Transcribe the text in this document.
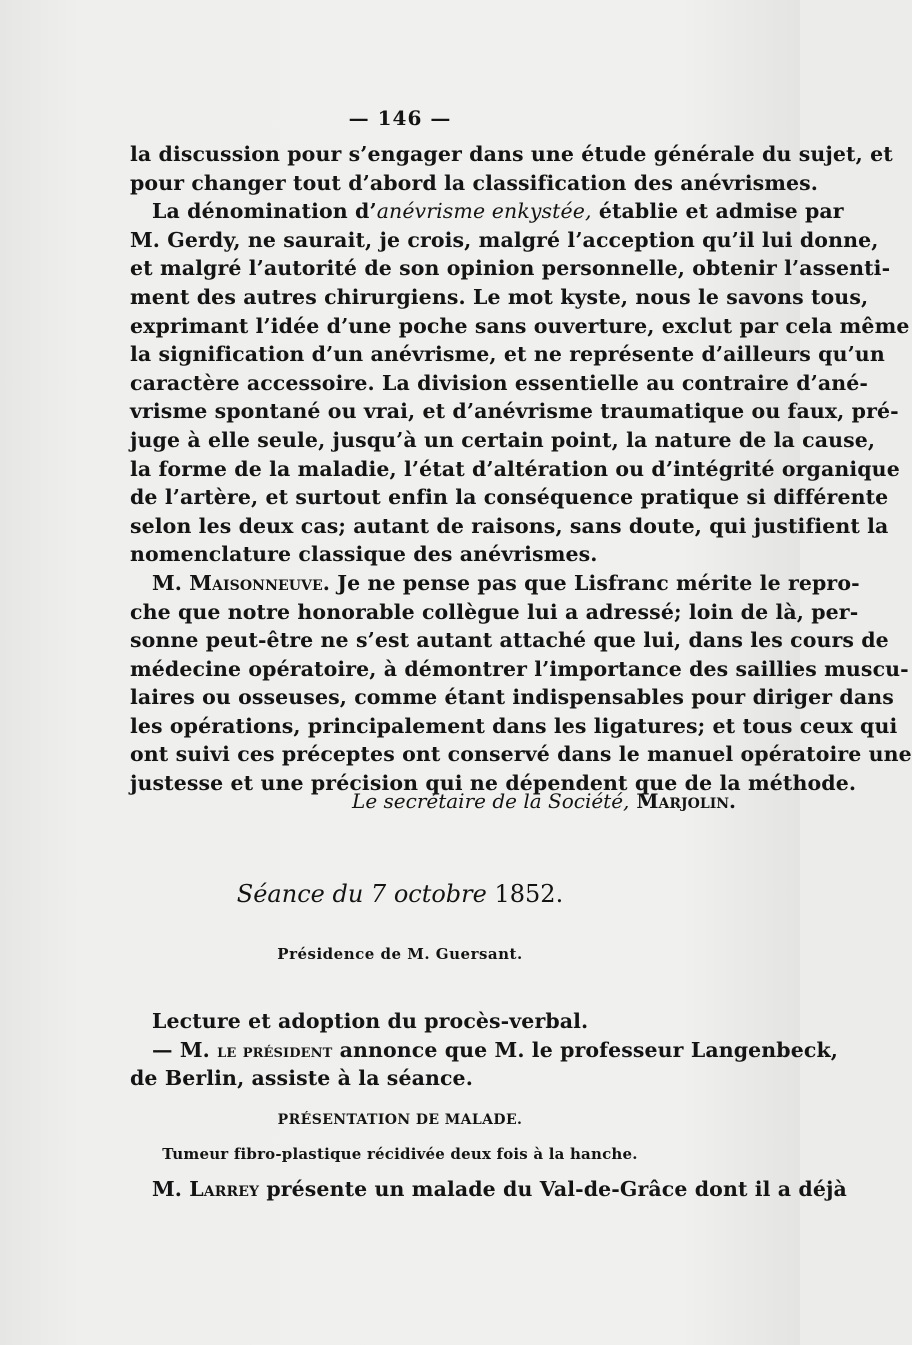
— 146 —
la discussion pour s’engager dans une étude générale du sujet, et
pour changer tout d’abord la classification des anévrismes.
La dénomination d’anévrisme enkystée, établie et admise par
M. Gerdy, ne saurait, je crois, malgré l’acception qu’il lui donne,
et malgré l’autorité de son opinion personnelle, obtenir l’assenti-
ment des autres chirurgiens. Le mot kyste, nous le savons tous,
exprimant l’idée d’une poche sans ouverture, exclut par cela même
la signification d’un anévrisme, et ne représente d’ailleurs qu’un
caractère accessoire. La division essentielle au contraire d’ané-
vrisme spontané ou vrai, et d’anévrisme traumatique ou faux, pré-
juge à elle seule, jusqu’à un certain point, la nature de la cause,
la forme de la maladie, l’état d’altération ou d’intégrité organique
de l’artère, et surtout enfin la conséquence pratique si différente
selon les deux cas; autant de raisons, sans doute, qui justifient la
nomenclature classique des anévrismes.
M. Maisonneuve. Je ne pense pas que Lisfranc mérite le repro-
che que notre honorable collègue lui a adressé; loin de là, per-
sonne peut-être ne s’est autant attaché que lui, dans les cours de
médecine opératoire, à démontrer l’importance des saillies muscu-
laires ou osseuses, comme étant indispensables pour diriger dans
les opérations, principalement dans les ligatures; et tous ceux qui
ont suivi ces préceptes ont conservé dans le manuel opératoire une
justesse et une précision qui ne dépendent que de la méthode.
Le secrétaire de la Société, Marjolin.
Séance du 7 octobre 1852.
Présidence de M. Guersant.
Lecture et adoption du procès-verbal.
— M. le président annonce que M. le professeur Langenbeck,
de Berlin, assiste à la séance.
PRÉSENTATION DE MALADE.
Tumeur fibro-plastique récidivée deux fois à la hanche.
M. Larrey présente un malade du Val-de-Grâce dont il a déjà
